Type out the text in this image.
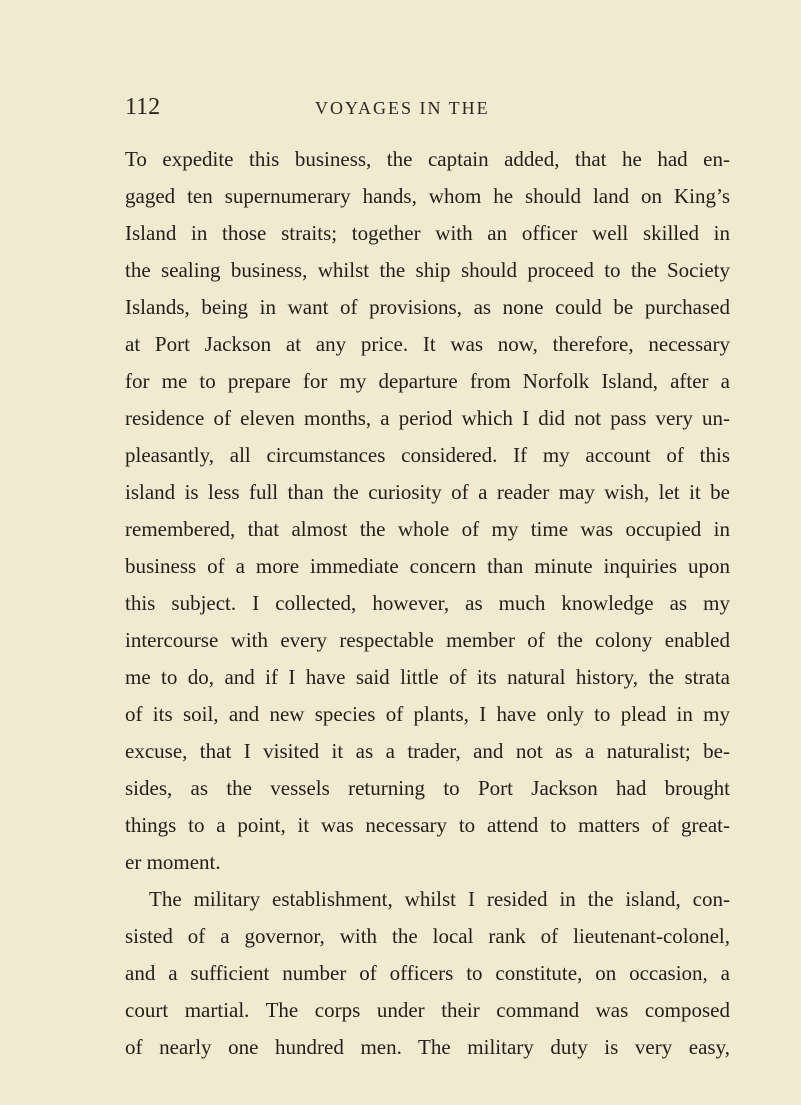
112	VOYAGES IN THE
To expedite this business, the captain added, that he had en-
gaged ten supernumerary hands, whom he should land on King’s
Island in those straits; together with an officer well skilled in
the sealing business, whilst the ship should proceed to the Society
Islands, being in want of provisions, as none could be purchased
at Port Jackson at any price. It was now, therefore, necessary
for me to prepare for my departure from Norfolk Island, after a
residence of eleven months, a period which I did not pass very un-
pleasantly, all circumstances considered. If my account of this
island is less full than the curiosity of a reader may wish, let it be
remembered, that almost the whole of my time was occupied in
business of a more immediate concern than minute inquiries upon
this subject. I collected, however, as much knowledge as my
intercourse with every respectable member of the colony enabled
me to do, and if I have said little of its natural history, the strata
of its soil, and new species of plants, I have only to plead in my
excuse, that I visited it as a trader, and not as a naturalist; be-
sides, as the vessels returning to Port Jackson had brought
things to a point, it was necessary to attend to matters of great-
er moment.
The military establishment, whilst I resided in the island, con-
sisted of a governor, with the local rank of lieutenant-colonel,
and a sufficient number of officers to constitute, on occasion, a
court martial. The corps under their command was composed
of nearly one hundred men. The military duty is very easy,
